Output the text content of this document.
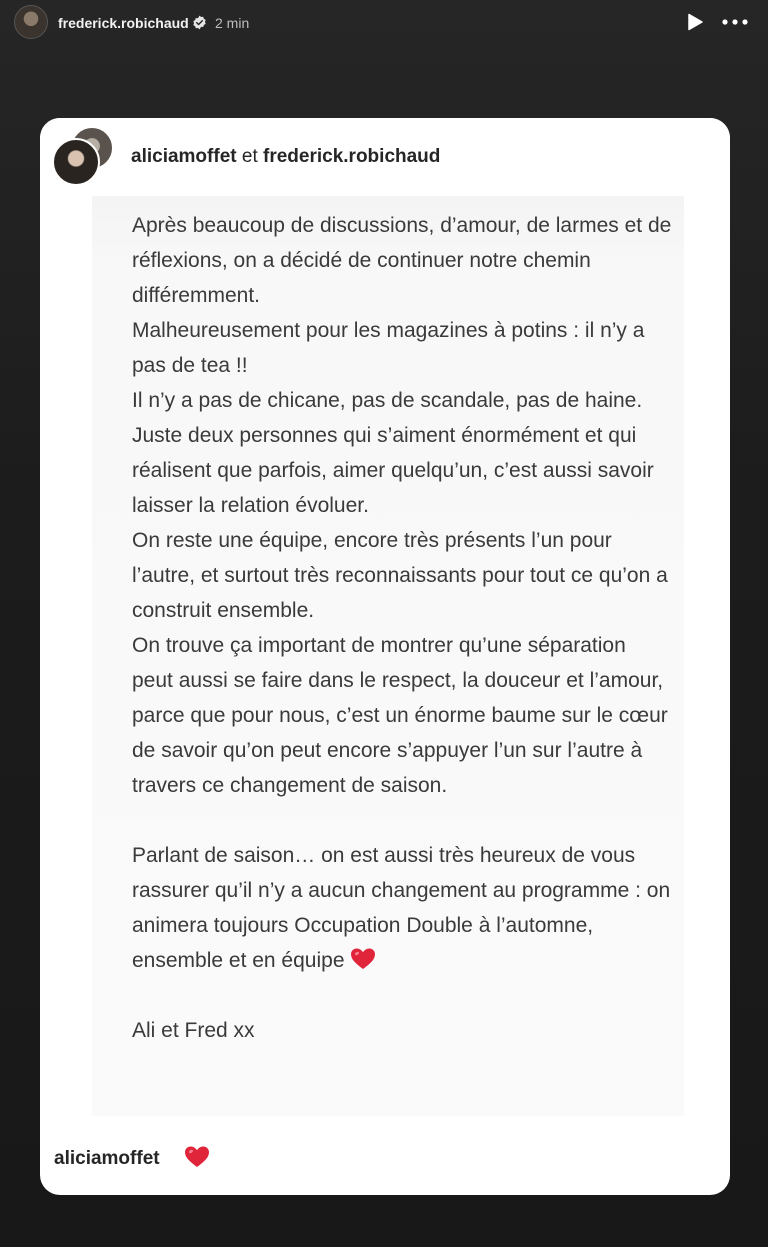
frederick.robichaud 2 min
aliciamoffet et frederick.robichaud
Après beaucoup de discussions, d’amour, de larmes et de réflexions, on a décidé de continuer notre chemin différemment.
Malheureusement pour les magazines à potins : il n’y a pas de tea !!
Il n’y a pas de chicane, pas de scandale, pas de haine. Juste deux personnes qui s’aiment énormément et qui réalisent que parfois, aimer quelqu’un, c’est aussi savoir laisser la relation évoluer.
On reste une équipe, encore très présents l’un pour l’autre, et surtout très reconnaissants pour tout ce qu’on a construit ensemble.
On trouve ça important de montrer qu’une séparation peut aussi se faire dans le respect, la douceur et l’amour, parce que pour nous, c’est un énorme baume sur le cœur de savoir qu’on peut encore s’appuyer l’un sur l’autre à travers ce changement de saison.

Parlant de saison… on est aussi très heureux de vous rassurer qu’il n’y a aucun changement au programme : on animera toujours Occupation Double à l’automne, ensemble et en équipe

Ali et Fred xx
aliciamoffet
